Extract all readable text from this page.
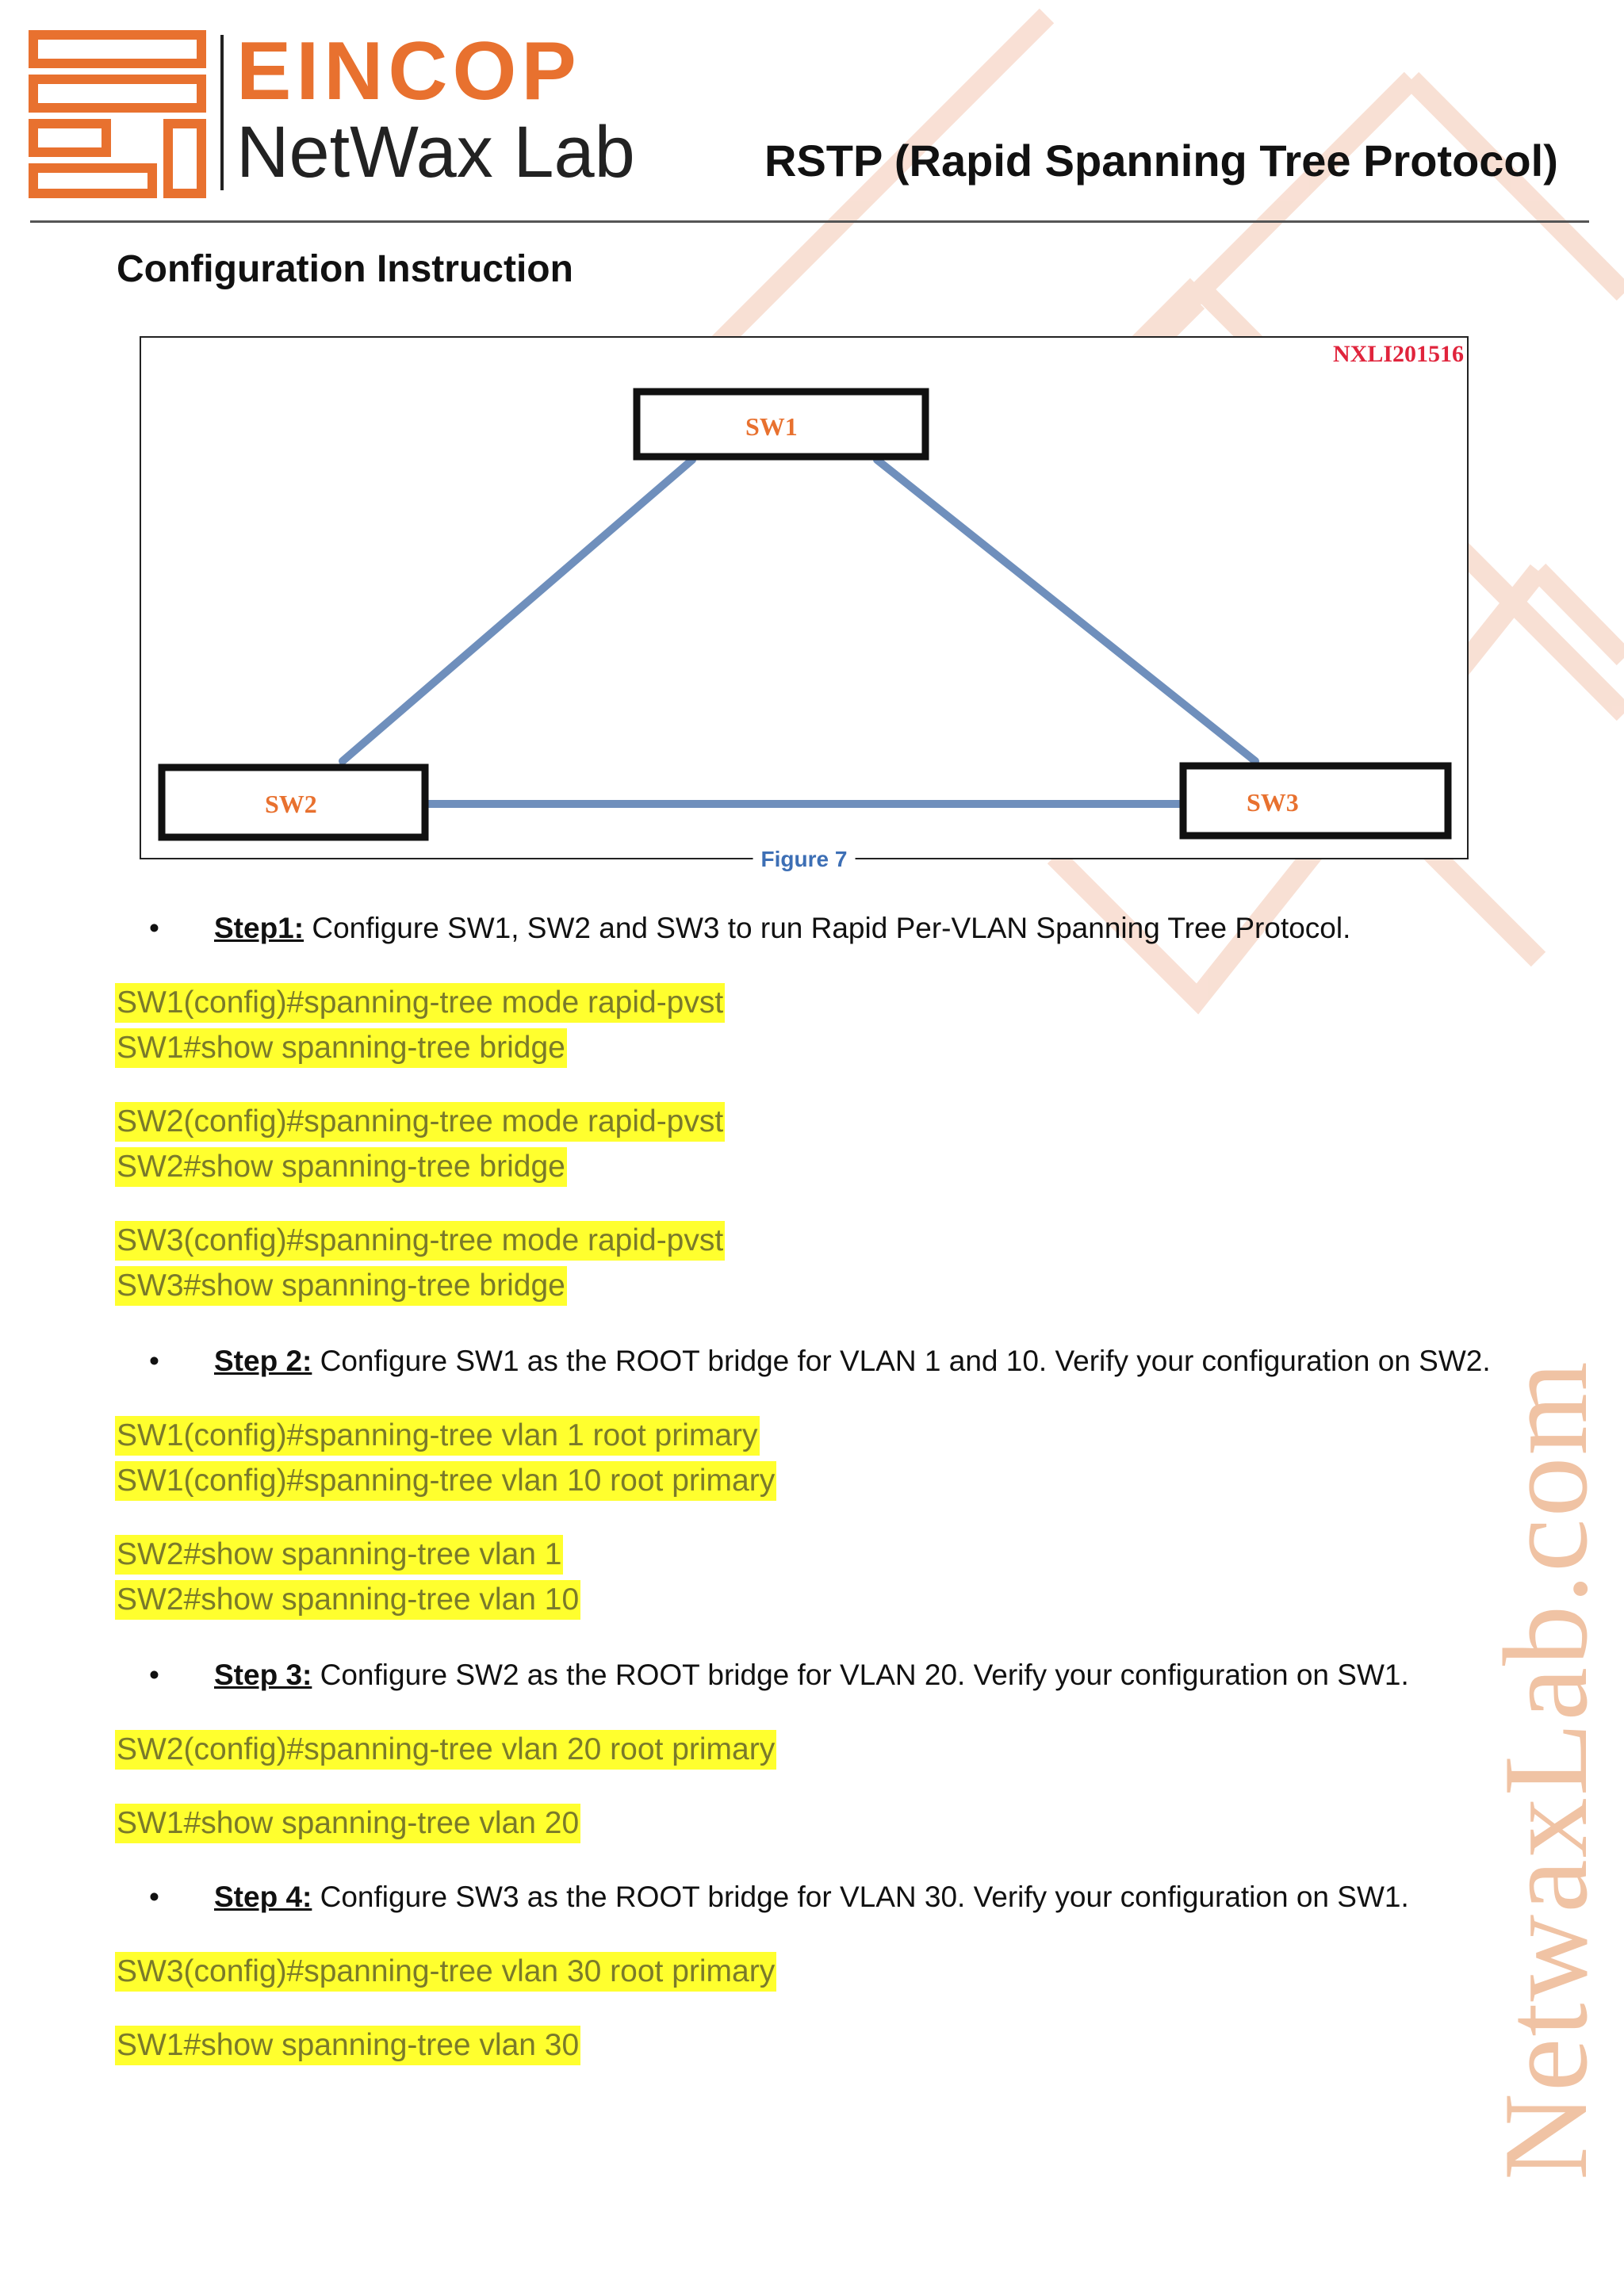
EINCOP
NetWax Lab	RSTP (Rapid Spanning Tree Protocol)
Configuration Instruction
SW1
SW2	SW3
NXLI201516
Figure 7
• Step1: Configure SW1, SW2 and SW3 to run Rapid Per-VLAN Spanning Tree Protocol.
SW1(config)#spanning-tree mode rapid-pvst
SW1#show spanning-tree bridge
SW2(config)#spanning-tree mode rapid-pvst
SW2#show spanning-tree bridge
SW3(config)#spanning-tree mode rapid-pvst
SW3#show spanning-tree bridge
• Step 2: Configure SW1 as the ROOT bridge for VLAN 1 and 10. Verify your configuration on SW2.
SW1(config)#spanning-tree vlan 1 root primary
SW1(config)#spanning-tree vlan 10 root primary
SW2#show spanning-tree vlan 1
SW2#show spanning-tree vlan 10
• Step 3: Configure SW2 as the ROOT bridge for VLAN 20. Verify your configuration on SW1.
SW2(config)#spanning-tree vlan 20 root primary
SW1#show spanning-tree vlan 20
• Step 4: Configure SW3 as the ROOT bridge for VLAN 30. Verify your configuration on SW1.
SW3(config)#spanning-tree vlan 30 root primary
SW1#show spanning-tree vlan 30	NetwaxLab.com
